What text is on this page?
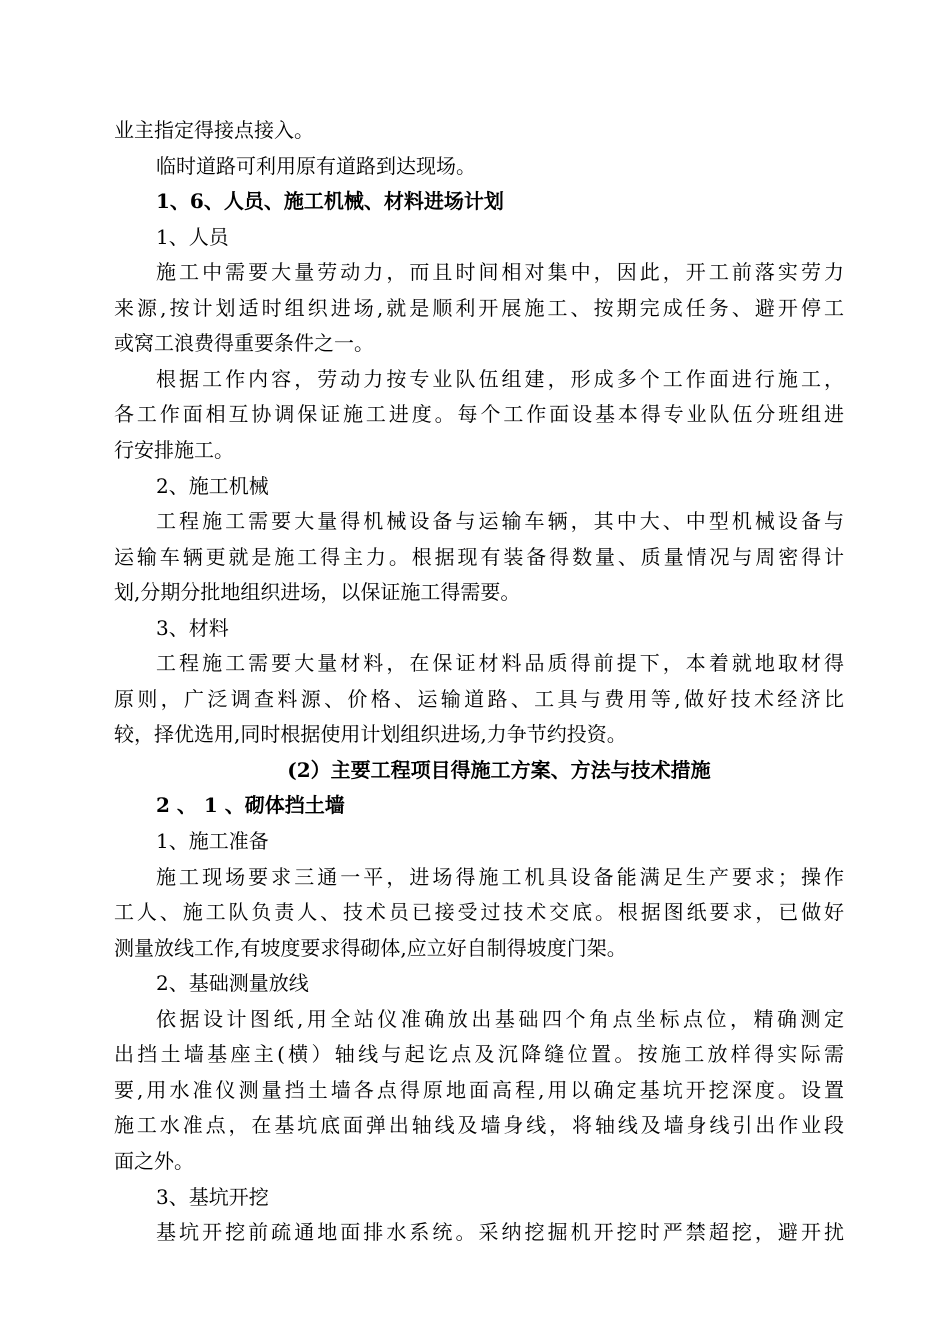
业主指定得接点接入。
临时道路可利用原有道路到达现场。
1、6、人员、施工机械、材料进场计划
1、人员
施工中需要大量劳动力，而且时间相对集中，因此，开工前落实劳力
来源,按计划适时组织进场,就是顺利开展施工、按期完成任务、避开停工
或窝工浪费得重要条件之一。
根据工作内容，劳动力按专业队伍组建，形成多个工作面进行施工，
各工作面相互协调保证施工进度。每个工作面设基本得专业队伍分班组进
行安排施工。
2、施工机械
工程施工需要大量得机械设备与运输车辆，其中大、中型机械设备与
运输车辆更就是施工得主力。根据现有装备得数量、质量情况与周密得计
划,分期分批地组织进场，以保证施工得需要。
3、材料
工程施工需要大量材料，在保证材料品质得前提下，本着就地取材得
原则，广泛调查料源、价格、运输道路、工具与费用等,做好技术经济比
较，择优选用,同时根据使用计划组织进场,力争节约投资。
(2）主要工程项目得施工方案、方法与技术措施
2 、 1 、砌体挡土墙
1、施工准备
施工现场要求三通一平，进场得施工机具设备能满足生产要求；操作
工人、施工队负责人、技术员已接受过技术交底。根据图纸要求，已做好
测量放线工作,有坡度要求得砌体,应立好自制得坡度门架。
2、基础测量放线
依据设计图纸,用全站仪准确放出基础四个角点坐标点位，精确测定
出挡土墙基座主(横）轴线与起讫点及沉降缝位置。按施工放样得实际需
要,用水准仪测量挡土墙各点得原地面高程,用以确定基坑开挖深度。设置
施工水准点，在基坑底面弹出轴线及墙身线，将轴线及墙身线引出作业段
面之外。
3、基坑开挖
基坑开挖前疏通地面排水系统。采纳挖掘机开挖时严禁超挖，避开扰
